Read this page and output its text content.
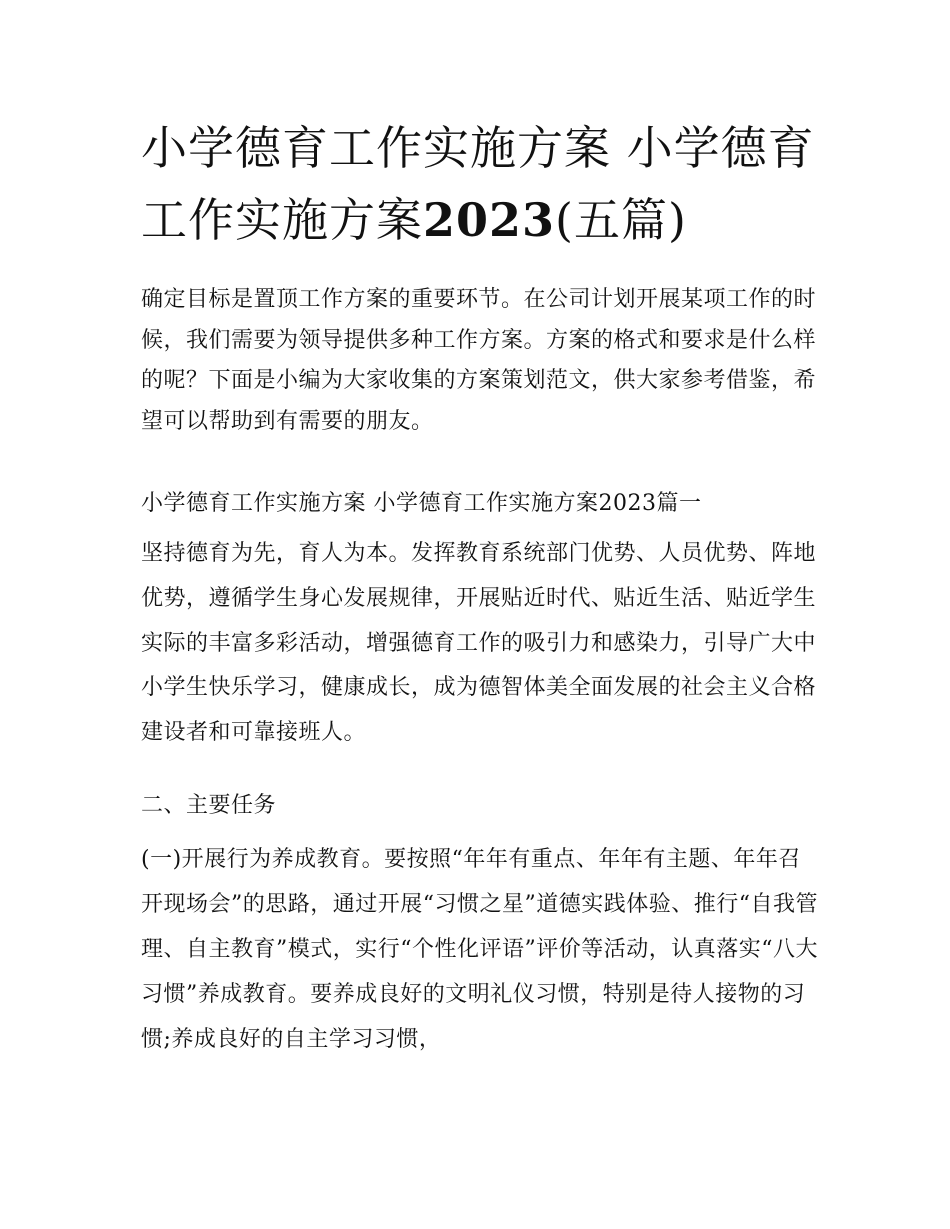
小学德育工作实施方案 小学德育工作实施方案2023(五篇)

确定目标是置顶工作方案的重要环节。在公司计划开展某项工作的时候，我们需要为领导提供多种工作方案。方案的格式和要求是什么样的呢？下面是小编为大家收集的方案策划范文，供大家参考借鉴，希望可以帮助到有需要的朋友。

小学德育工作实施方案 小学德育工作实施方案2023篇一

坚持德育为先，育人为本。发挥教育系统部门优势、人员优势、阵地优势，遵循学生身心发展规律，开展贴近时代、贴近生活、贴近学生实际的丰富多彩活动，增强德育工作的吸引力和感染力，引导广大中小学生快乐学习，健康成长，成为德智体美全面发展的社会主义合格建设者和可靠接班人。

二、主要任务

(一)开展行为养成教育。要按照“年年有重点、年年有主题、年年召开现场会”的思路，通过开展“习惯之星”道德实践体验、推行“自我管理、自主教育”模式，实行“个性化评语”评价等活动，认真落实“八大习惯”养成教育。要养成良好的文明礼仪习惯，特别是待人接物的习惯;养成良好的自主学习习惯，
